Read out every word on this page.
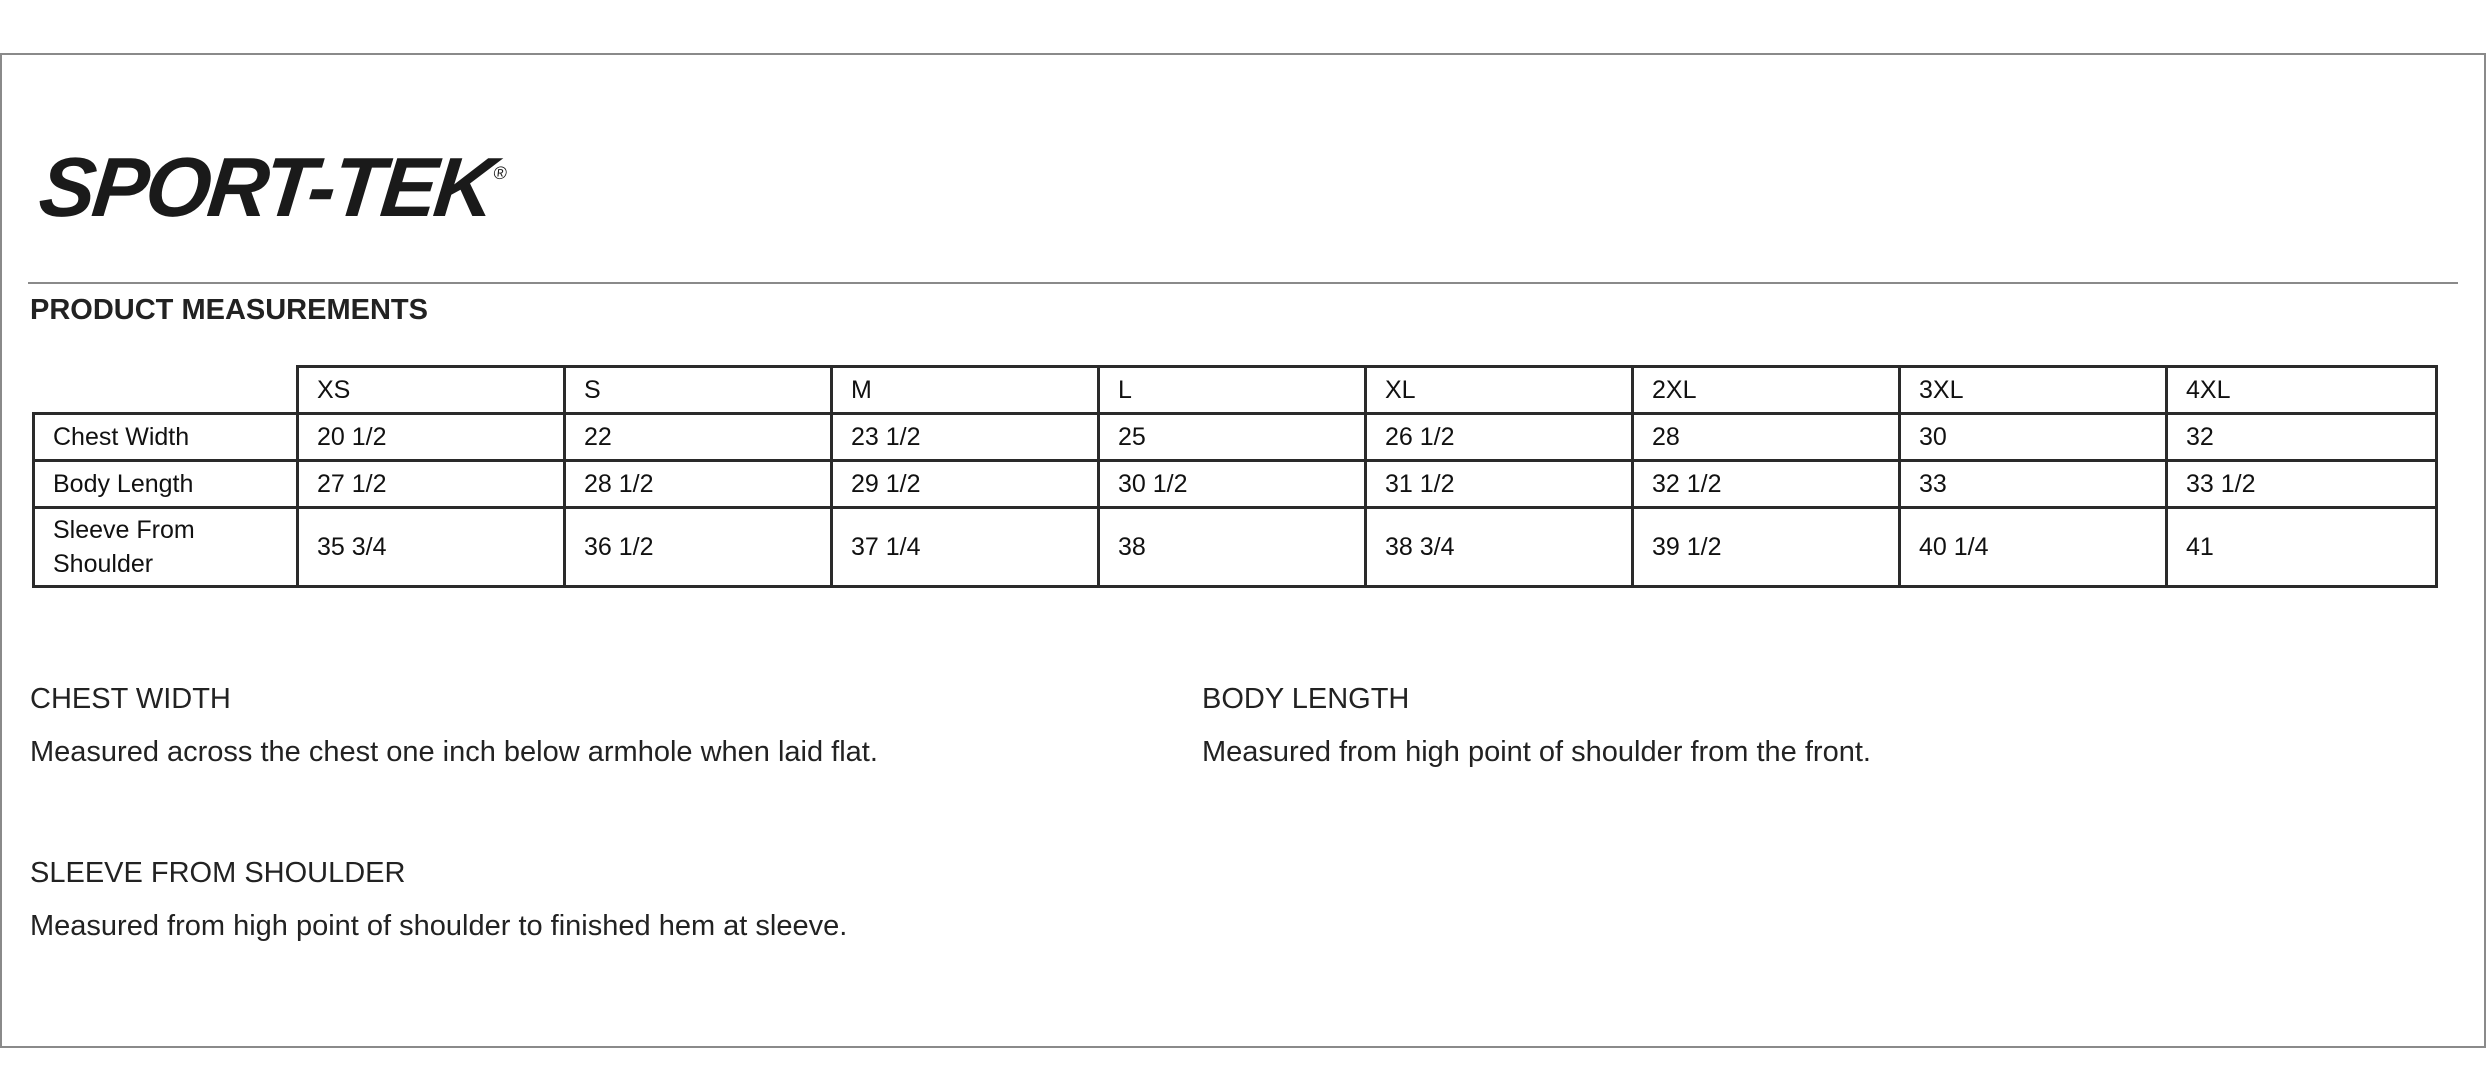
SPORT-TEK®
PRODUCT MEASUREMENTS
	XS	S	M	L	XL	2XL	3XL	4XL
Chest Width	20 1/2	22	23 1/2	25	26 1/2	28	30	32
Body Length	27 1/2	28 1/2	29 1/2	30 1/2	31 1/2	32 1/2	33	33 1/2
Sleeve From Shoulder	35 3/4	36 1/2	37 1/4	38	38 3/4	39 1/2	40 1/4	41
CHEST WIDTH
Measured across the chest one inch below armhole when laid flat.
BODY LENGTH
Measured from high point of shoulder from the front.
SLEEVE FROM SHOULDER
Measured from high point of shoulder to finished hem at sleeve.
